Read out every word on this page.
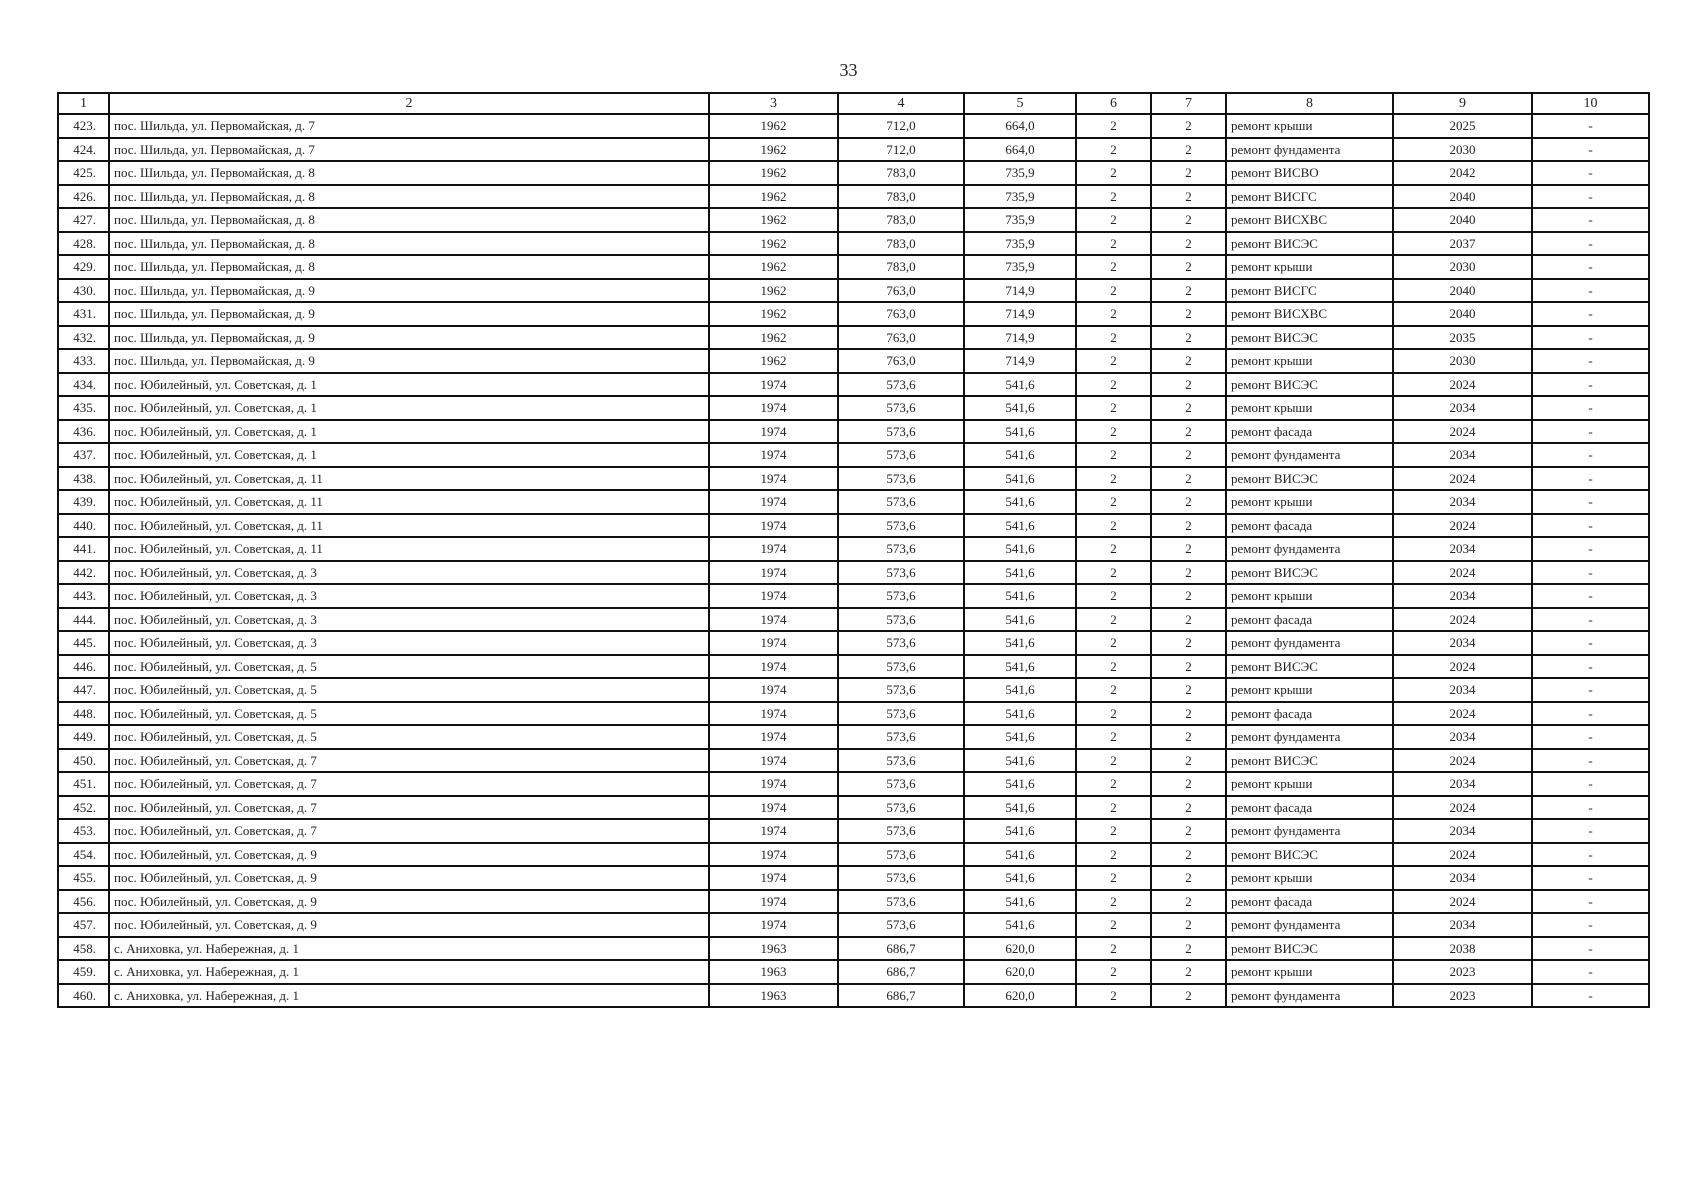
33
1	2	3	4	5	6	7	8	9	10
423.	пос. Шильда, ул. Первомайская, д. 7	1962	712,0	664,0	2	2	ремонт крыши	2025	-
424.	пос. Шильда, ул. Первомайская, д. 7	1962	712,0	664,0	2	2	ремонт фундамента	2030	-
425.	пос. Шильда, ул. Первомайская, д. 8	1962	783,0	735,9	2	2	ремонт ВИСВО	2042	-
426.	пос. Шильда, ул. Первомайская, д. 8	1962	783,0	735,9	2	2	ремонт ВИСГС	2040	-
427.	пос. Шильда, ул. Первомайская, д. 8	1962	783,0	735,9	2	2	ремонт ВИСХВС	2040	-
428.	пос. Шильда, ул. Первомайская, д. 8	1962	783,0	735,9	2	2	ремонт ВИСЭС	2037	-
429.	пос. Шильда, ул. Первомайская, д. 8	1962	783,0	735,9	2	2	ремонт крыши	2030	-
430.	пос. Шильда, ул. Первомайская, д. 9	1962	763,0	714,9	2	2	ремонт ВИСГС	2040	-
431.	пос. Шильда, ул. Первомайская, д. 9	1962	763,0	714,9	2	2	ремонт ВИСХВС	2040	-
432.	пос. Шильда, ул. Первомайская, д. 9	1962	763,0	714,9	2	2	ремонт ВИСЭС	2035	-
433.	пос. Шильда, ул. Первомайская, д. 9	1962	763,0	714,9	2	2	ремонт крыши	2030	-
434.	пос. Юбилейный, ул. Советская, д. 1	1974	573,6	541,6	2	2	ремонт ВИСЭС	2024	-
435.	пос. Юбилейный, ул. Советская, д. 1	1974	573,6	541,6	2	2	ремонт крыши	2034	-
436.	пос. Юбилейный, ул. Советская, д. 1	1974	573,6	541,6	2	2	ремонт фасада	2024	-
437.	пос. Юбилейный, ул. Советская, д. 1	1974	573,6	541,6	2	2	ремонт фундамента	2034	-
438.	пос. Юбилейный, ул. Советская, д. 11	1974	573,6	541,6	2	2	ремонт ВИСЭС	2024	-
439.	пос. Юбилейный, ул. Советская, д. 11	1974	573,6	541,6	2	2	ремонт крыши	2034	-
440.	пос. Юбилейный, ул. Советская, д. 11	1974	573,6	541,6	2	2	ремонт фасада	2024	-
441.	пос. Юбилейный, ул. Советская, д. 11	1974	573,6	541,6	2	2	ремонт фундамента	2034	-
442.	пос. Юбилейный, ул. Советская, д. 3	1974	573,6	541,6	2	2	ремонт ВИСЭС	2024	-
443.	пос. Юбилейный, ул. Советская, д. 3	1974	573,6	541,6	2	2	ремонт крыши	2034	-
444.	пос. Юбилейный, ул. Советская, д. 3	1974	573,6	541,6	2	2	ремонт фасада	2024	-
445.	пос. Юбилейный, ул. Советская, д. 3	1974	573,6	541,6	2	2	ремонт фундамента	2034	-
446.	пос. Юбилейный, ул. Советская, д. 5	1974	573,6	541,6	2	2	ремонт ВИСЭС	2024	-
447.	пос. Юбилейный, ул. Советская, д. 5	1974	573,6	541,6	2	2	ремонт крыши	2034	-
448.	пос. Юбилейный, ул. Советская, д. 5	1974	573,6	541,6	2	2	ремонт фасада	2024	-
449.	пос. Юбилейный, ул. Советская, д. 5	1974	573,6	541,6	2	2	ремонт фундамента	2034	-
450.	пос. Юбилейный, ул. Советская, д. 7	1974	573,6	541,6	2	2	ремонт ВИСЭС	2024	-
451.	пос. Юбилейный, ул. Советская, д. 7	1974	573,6	541,6	2	2	ремонт крыши	2034	-
452.	пос. Юбилейный, ул. Советская, д. 7	1974	573,6	541,6	2	2	ремонт фасада	2024	-
453.	пос. Юбилейный, ул. Советская, д. 7	1974	573,6	541,6	2	2	ремонт фундамента	2034	-
454.	пос. Юбилейный, ул. Советская, д. 9	1974	573,6	541,6	2	2	ремонт ВИСЭС	2024	-
455.	пос. Юбилейный, ул. Советская, д. 9	1974	573,6	541,6	2	2	ремонт крыши	2034	-
456.	пос. Юбилейный, ул. Советская, д. 9	1974	573,6	541,6	2	2	ремонт фасада	2024	-
457.	пос. Юбилейный, ул. Советская, д. 9	1974	573,6	541,6	2	2	ремонт фундамента	2034	-
458.	с. Аниховка, ул. Набережная, д. 1	1963	686,7	620,0	2	2	ремонт ВИСЭС	2038	-
459.	с. Аниховка, ул. Набережная, д. 1	1963	686,7	620,0	2	2	ремонт крыши	2023	-
460.	с. Аниховка, ул. Набережная, д. 1	1963	686,7	620,0	2	2	ремонт фундамента	2023	-
